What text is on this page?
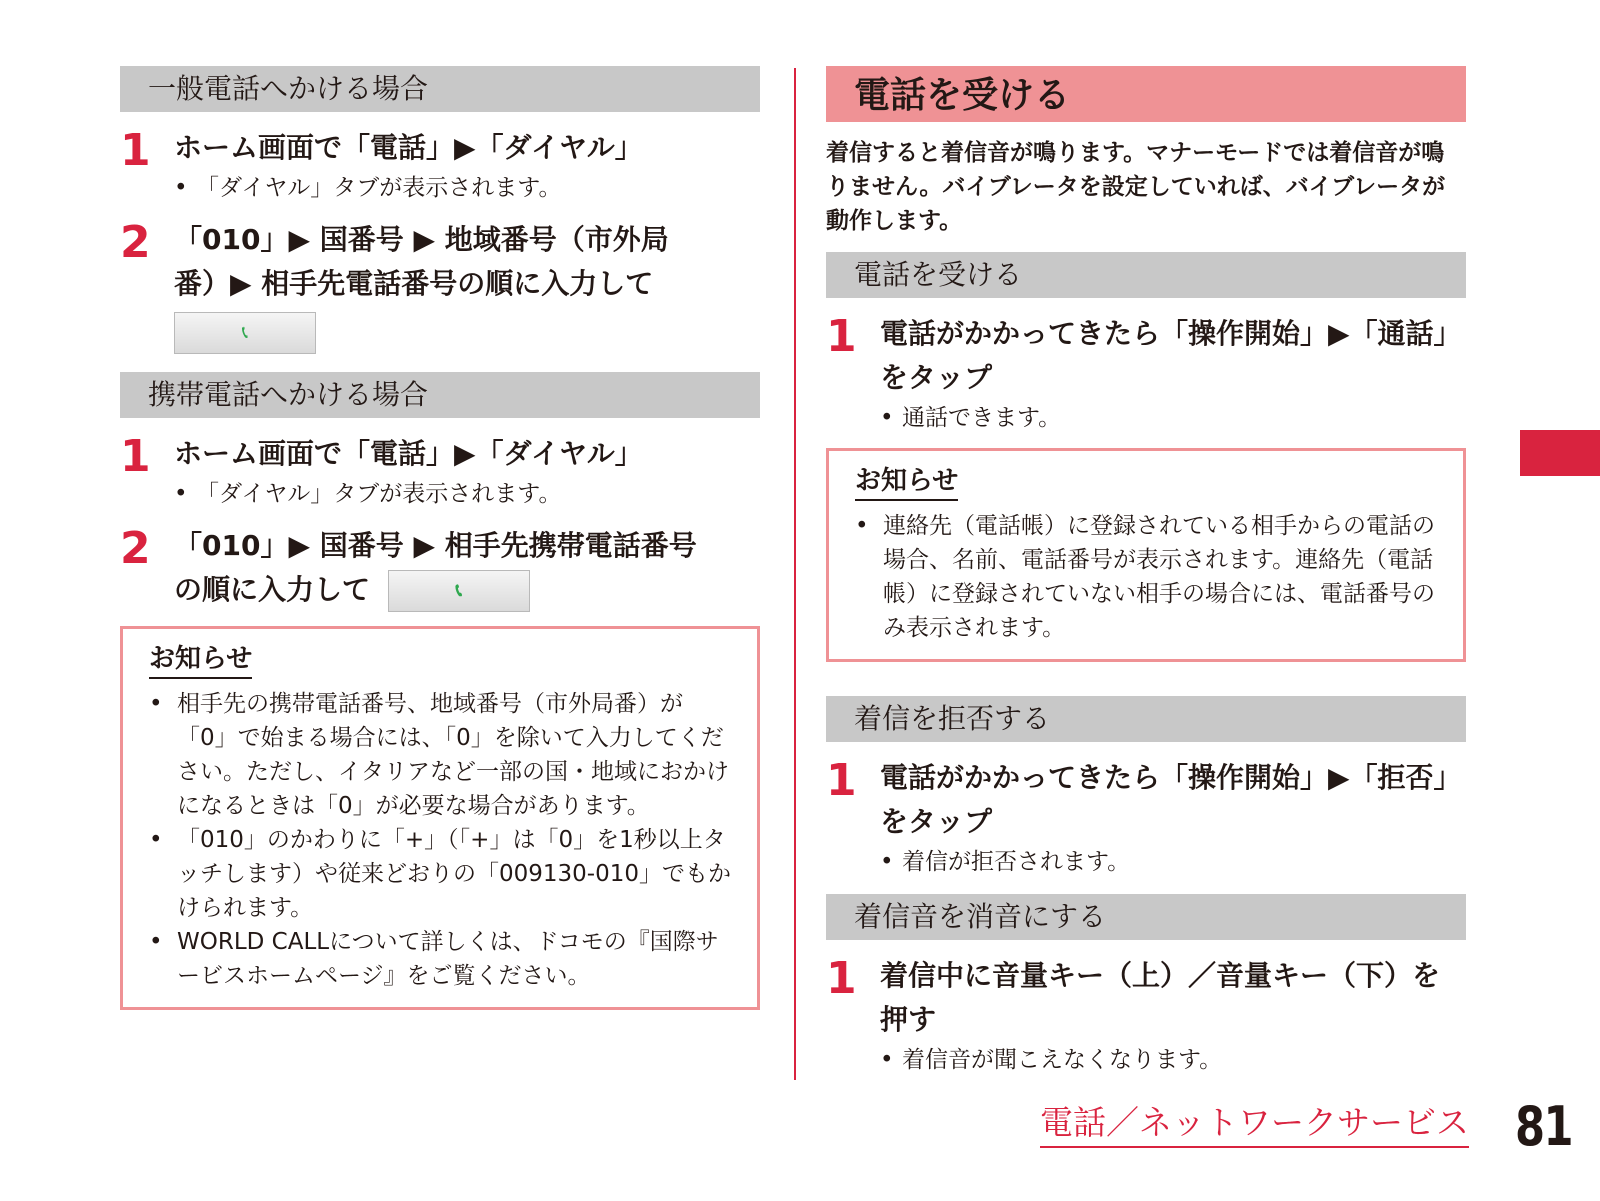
一般電話へかける場合
1 ホーム画面で「電話」▶「ダイヤル」
• 「ダイヤル」タブが表示されます。
2 「010」▶ 国番号 ▶ 地域番号（市外局
番）▶ 相手先電話番号の順に入力して
📞︎
携帯電話へかける場合
1 ホーム画面で「電話」▶「ダイヤル」
• 「ダイヤル」タブが表示されます。
2 「010」▶ 国番号 ▶ 相手先携帯電話番号
の順に入力して	📞︎
お知らせ
• 相手先の携帯電話番号、地域番号（市外局番）が「0」で始まる場合には、「0」を除いて入力してください。ただし、イタリアなど一部の国・地域におかけになるときは「0」が必要な場合があります。
• 「010」のかわりに「+」（「+」は「0」を1秒以上タッチします）や従来どおりの「009130-010」でもかけられます。
• WORLD CALLについて詳しくは、ドコモの『国際サービスホームページ』をご覧ください。
電話を受ける
着信すると着信音が鳴ります。マナーモードでは着信音が鳴りません。バイブレータを設定していれば、バイブレータが動作します。
電話を受ける
1 電話がかかってきたら「操作開始」▶「通話」をタップ
• 通話できます。
お知らせ
• 連絡先（電話帳）に登録されている相手からの電話の場合、名前、電話番号が表示されます。連絡先（電話帳）に登録されていない相手の場合には、電話番号のみ表示されます。
着信を拒否する
1 電話がかかってきたら「操作開始」▶「拒否」をタップ
• 着信が拒否されます。
着信音を消音にする
1 着信中に音量キー（上）／音量キー（下）を押す
• 着信音が聞こえなくなります。
電話／ネットワークサービス 81
